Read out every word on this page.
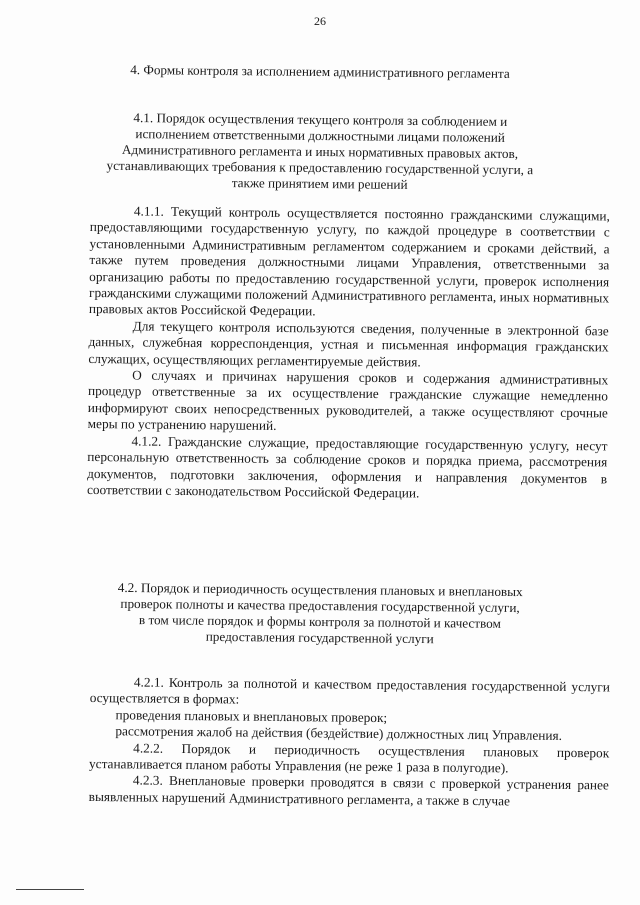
26
4. Формы контроля за исполнением административного регламента
4.1. Порядок осуществления текущего контроля за соблюдением и
исполнением ответственными должностными лицами положений
Административного регламента и иных нормативных правовых актов,
устанавливающих требования к предоставлению государственной услуги, а
также принятием ими решений

4.1.1. Текущий контроль осуществляется постоянно гражданскими служащими, предоставляющими государственную услугу, по каждой процедуре в соответствии с установленными Административным регламентом содержанием и сроками действий, а также путем проведения должностными лицами Управления, ответственными за организацию работы по предоставлению государственной услуги, проверок исполнения гражданскими служащими положений Административного регламента, иных нормативных правовых актов Российской Федерации.

Для текущего контроля используются сведения, полученные в электронной базе данных, служебная корреспонденция, устная и письменная информация гражданских служащих, осуществляющих регламентируемые действия.

О случаях и причинах нарушения сроков и содержания административных процедур ответственные за их осуществление гражданские служащие немедленно информируют своих непосредственных руководителей, а также осуществляют срочные меры по устранению нарушений.

4.1.2. Гражданские служащие, предоставляющие государственную услугу, несут персональную ответственность за соблюдение сроков и порядка приема, рассмотрения документов, подготовки заключения, оформления и направления документов в соответствии с законодательством Российской Федерации.

4.2. Порядок и периодичность осуществления плановых и внеплановых
проверок полноты и качества предоставления государственной услуги,
в том числе порядок и формы контроля за полнотой и качеством
предоставления государственной услуги

4.2.1. Контроль за полнотой и качеством предоставления государственной услуги осуществляется в формах:

проведения плановых и внеплановых проверок;

рассмотрения жалоб на действия (бездействие) должностных лиц Управления.

4.2.2. Порядок и периодичность осуществления плановых проверок устанавливается планом работы Управления (не реже 1 раза в полугодие).

4.2.3. Внеплановые проверки проводятся в связи с проверкой устранения ранее выявленных нарушений Административного регламента, а также в случае
